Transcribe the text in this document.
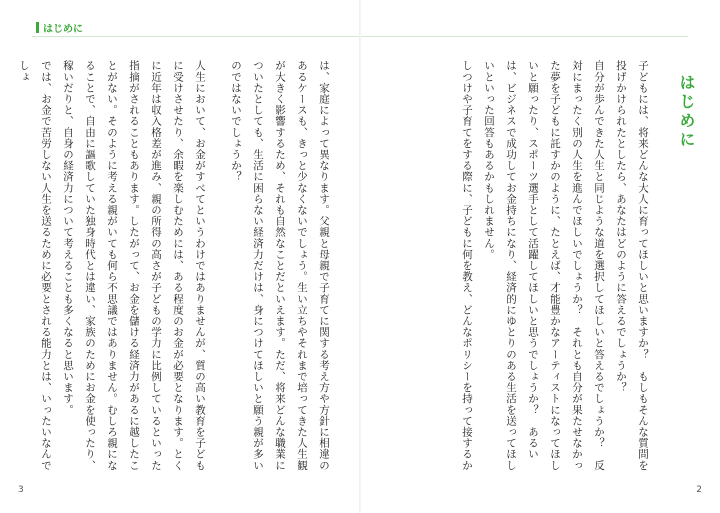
はじめに
は、家庭によって異なります。父親と母親で子育てに関する考え方や方針に相違のあるケースも、きっと少なくないでしょう。生い立ちやそれまで培ってきた人生観が大きく影響するため、それも自然なことだといえます。ただ、将来どんな職業についたとしても、生活に困らない経済力だけは、身につけてほしいと願う親が多いのではないでしょうか？
人生において、お金がすべてというわけではありませんが、質の高い教育を子どもに受けさせたり、余暇を楽しむためには、ある程度のお金が必要となります。とくに近年は収入格差が進み、親の所得の高さが子どもの学力に比例しているといった指摘がされることもあります。したがって、お金を儲ける経済力があるに越したことがない。そのように考える親がいても何ら不思議ではありません。むしろ親になることで、自由に謳歌していた独身時代とは違い、家族のためにお金を使ったり、稼いだりと、自身の経済力について考えることも多くなると思います。
では、お金で苦労しない人生を送るために必要とされる能力とは、いったいなんでしょ
3
はじめに
子どもには、将来どんな大人に育ってほしいと思いますか？　もしもそんな質問を投げかけられたとしたら、あなたはどのように答えるでしょうか？
自分が歩んできた人生と同じような道を選択してほしいと答えるでしょうか？　反対にまったく別の人生を進んでほしいでしょうか？　それとも自分が果たせなかった夢を子どもに託すかのように、たとえば、才能豊かなアーティストになってほしいと願ったり、スポーツ選手として活躍してほしいと思うでしょうか？　あるいは、ビジネスで成功してお金持ちになり、経済的にゆとりのある生活を送ってほしいといった回答もあるかもしれません。
しつけや子育てをする際に、子どもに何を教え、どんなポリシーを持って接するか
2
